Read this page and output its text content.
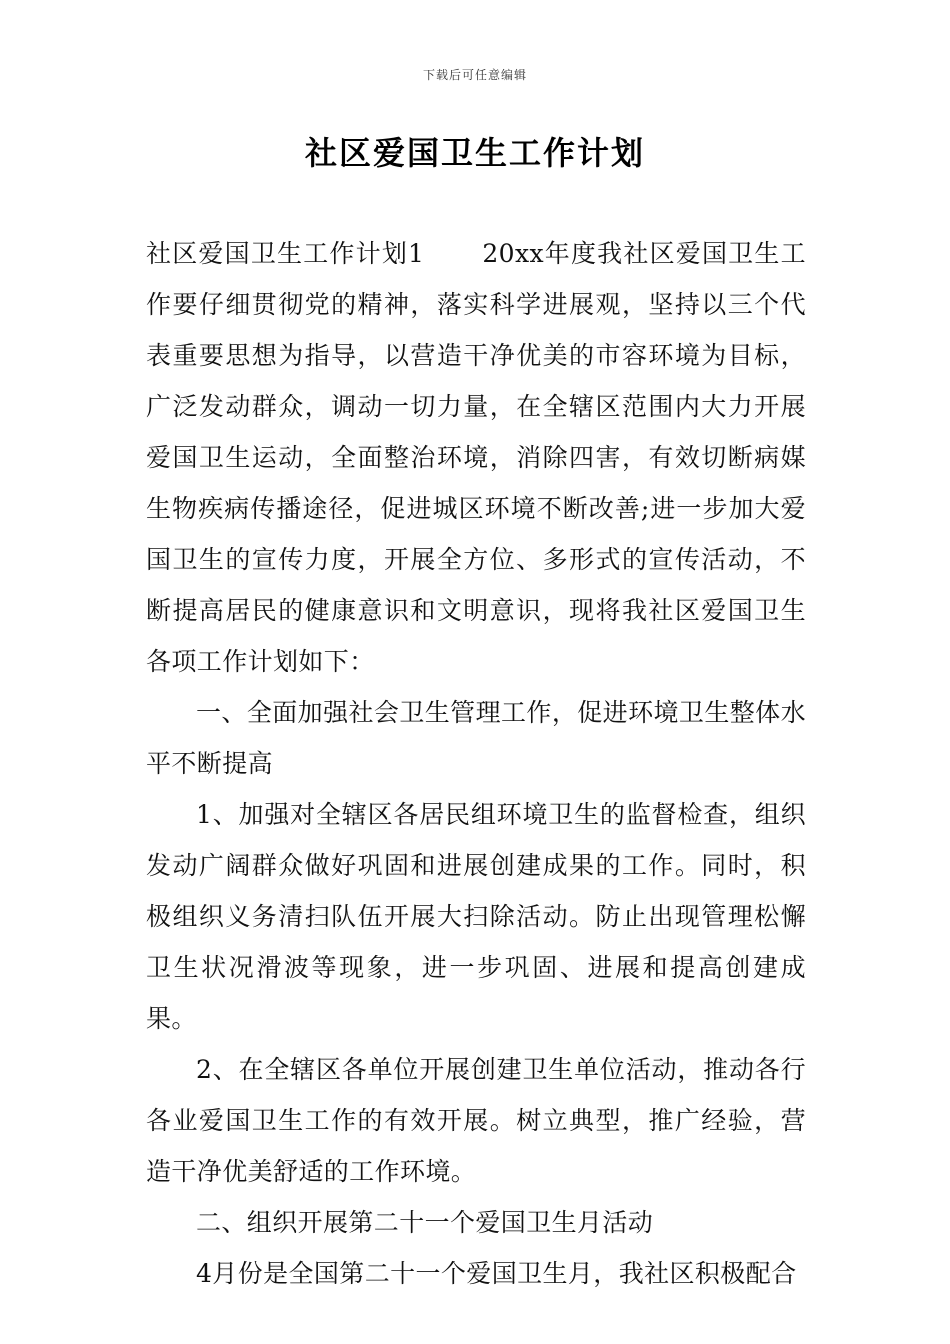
下载后可任意编辑
社区爱国卫生工作计划

社区爱国卫生工作计划1 20xx年度我社区爱国卫生工作要仔细贯彻党的精神，落实科学进展观，坚持以三个代表重要思想为指导，以营造干净优美的市容环境为目标，广泛发动群众，调动一切力量，在全辖区范围内大力开展爱国卫生运动，全面整治环境，消除四害，有效切断病媒生物疾病传播途径，促进城区环境不断改善;进一步加大爱国卫生的宣传力度，开展全方位、多形式的宣传活动，不断提高居民的健康意识和文明意识，现将我社区爱国卫生各项工作计划如下：

一、全面加强社会卫生管理工作，促进环境卫生整体水平不断提高

1、加强对全辖区各居民组环境卫生的监督检查，组织发动广阔群众做好巩固和进展创建成果的工作。同时，积极组织义务清扫队伍开展大扫除活动。防止出现管理松懈卫生状况滑波等现象，进一步巩固、进展和提高创建成果。

2、在全辖区各单位开展创建卫生单位活动，推动各行各业爱国卫生工作的有效开展。树立典型，推广经验，营造干净优美舒适的工作环境。

二、组织开展第二十一个爱国卫生月活动

4月份是全国第二十一个爱国卫生月，我社区积极配合
